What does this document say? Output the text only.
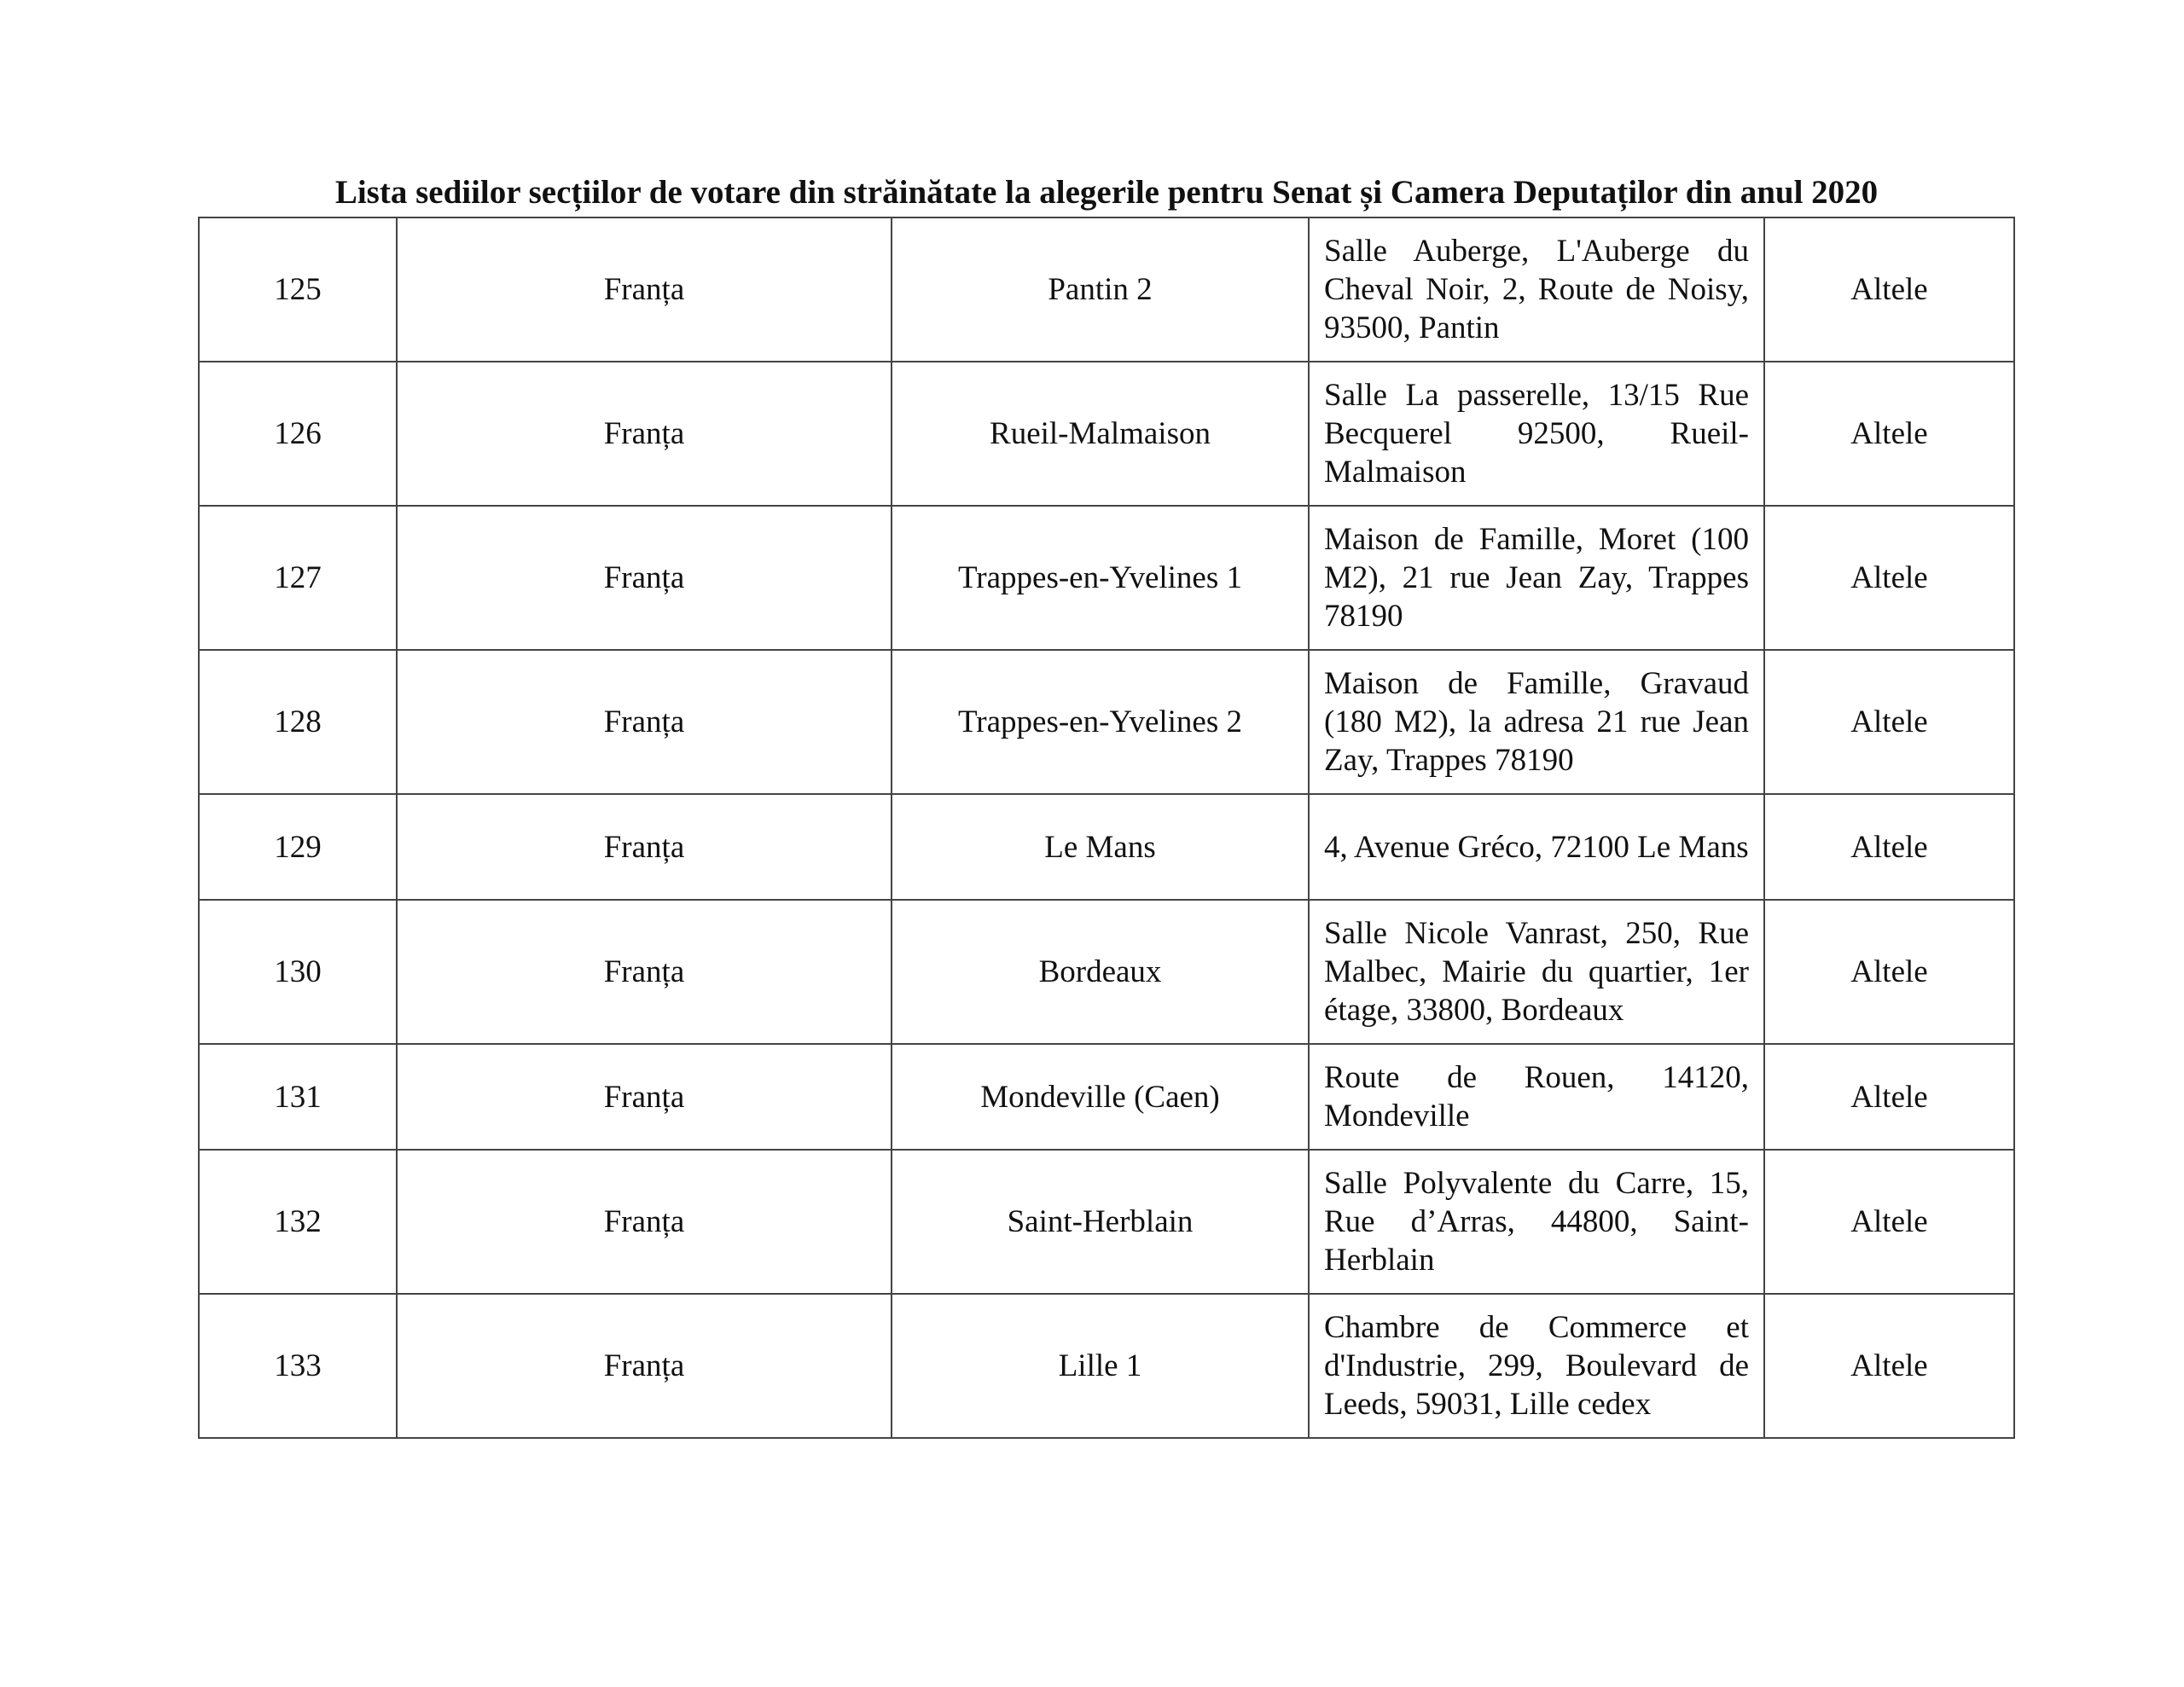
Lista sediilor secțiilor de votare din străinătate la alegerile pentru Senat și Camera Deputaților din anul 2020
125	Franța	Pantin 2	Salle Auberge, L'Auberge du Cheval Noir, 2, Route de Noisy, 93500, Pantin	Altele
126	Franța	Rueil-Malmaison	Salle La passerelle, 13/15 Rue Becquerel 92500, Rueil-Malmaison	Altele
127	Franța	Trappes-en-Yvelines 1	Maison de Famille, Moret (100 M2), 21 rue Jean Zay, Trappes 78190	Altele
128	Franța	Trappes-en-Yvelines 2	Maison de Famille, Gravaud (180 M2), la adresa 21 rue Jean Zay, Trappes 78190	Altele
129	Franța	Le Mans	4, Avenue Gréco, 72100 Le Mans	Altele
130	Franța	Bordeaux	Salle Nicole Vanrast, 250, Rue Malbec, Mairie du quartier, 1er étage, 33800, Bordeaux	Altele
131	Franța	Mondeville (Caen)	Route de Rouen, 14120, Mondeville	Altele
132	Franța	Saint-Herblain	Salle Polyvalente du Carre, 15, Rue d’Arras, 44800, Saint-Herblain	Altele
133	Franța	Lille 1	Chambre de Commerce et d'Industrie, 299, Boulevard de Leeds, 59031, Lille cedex	Altele
